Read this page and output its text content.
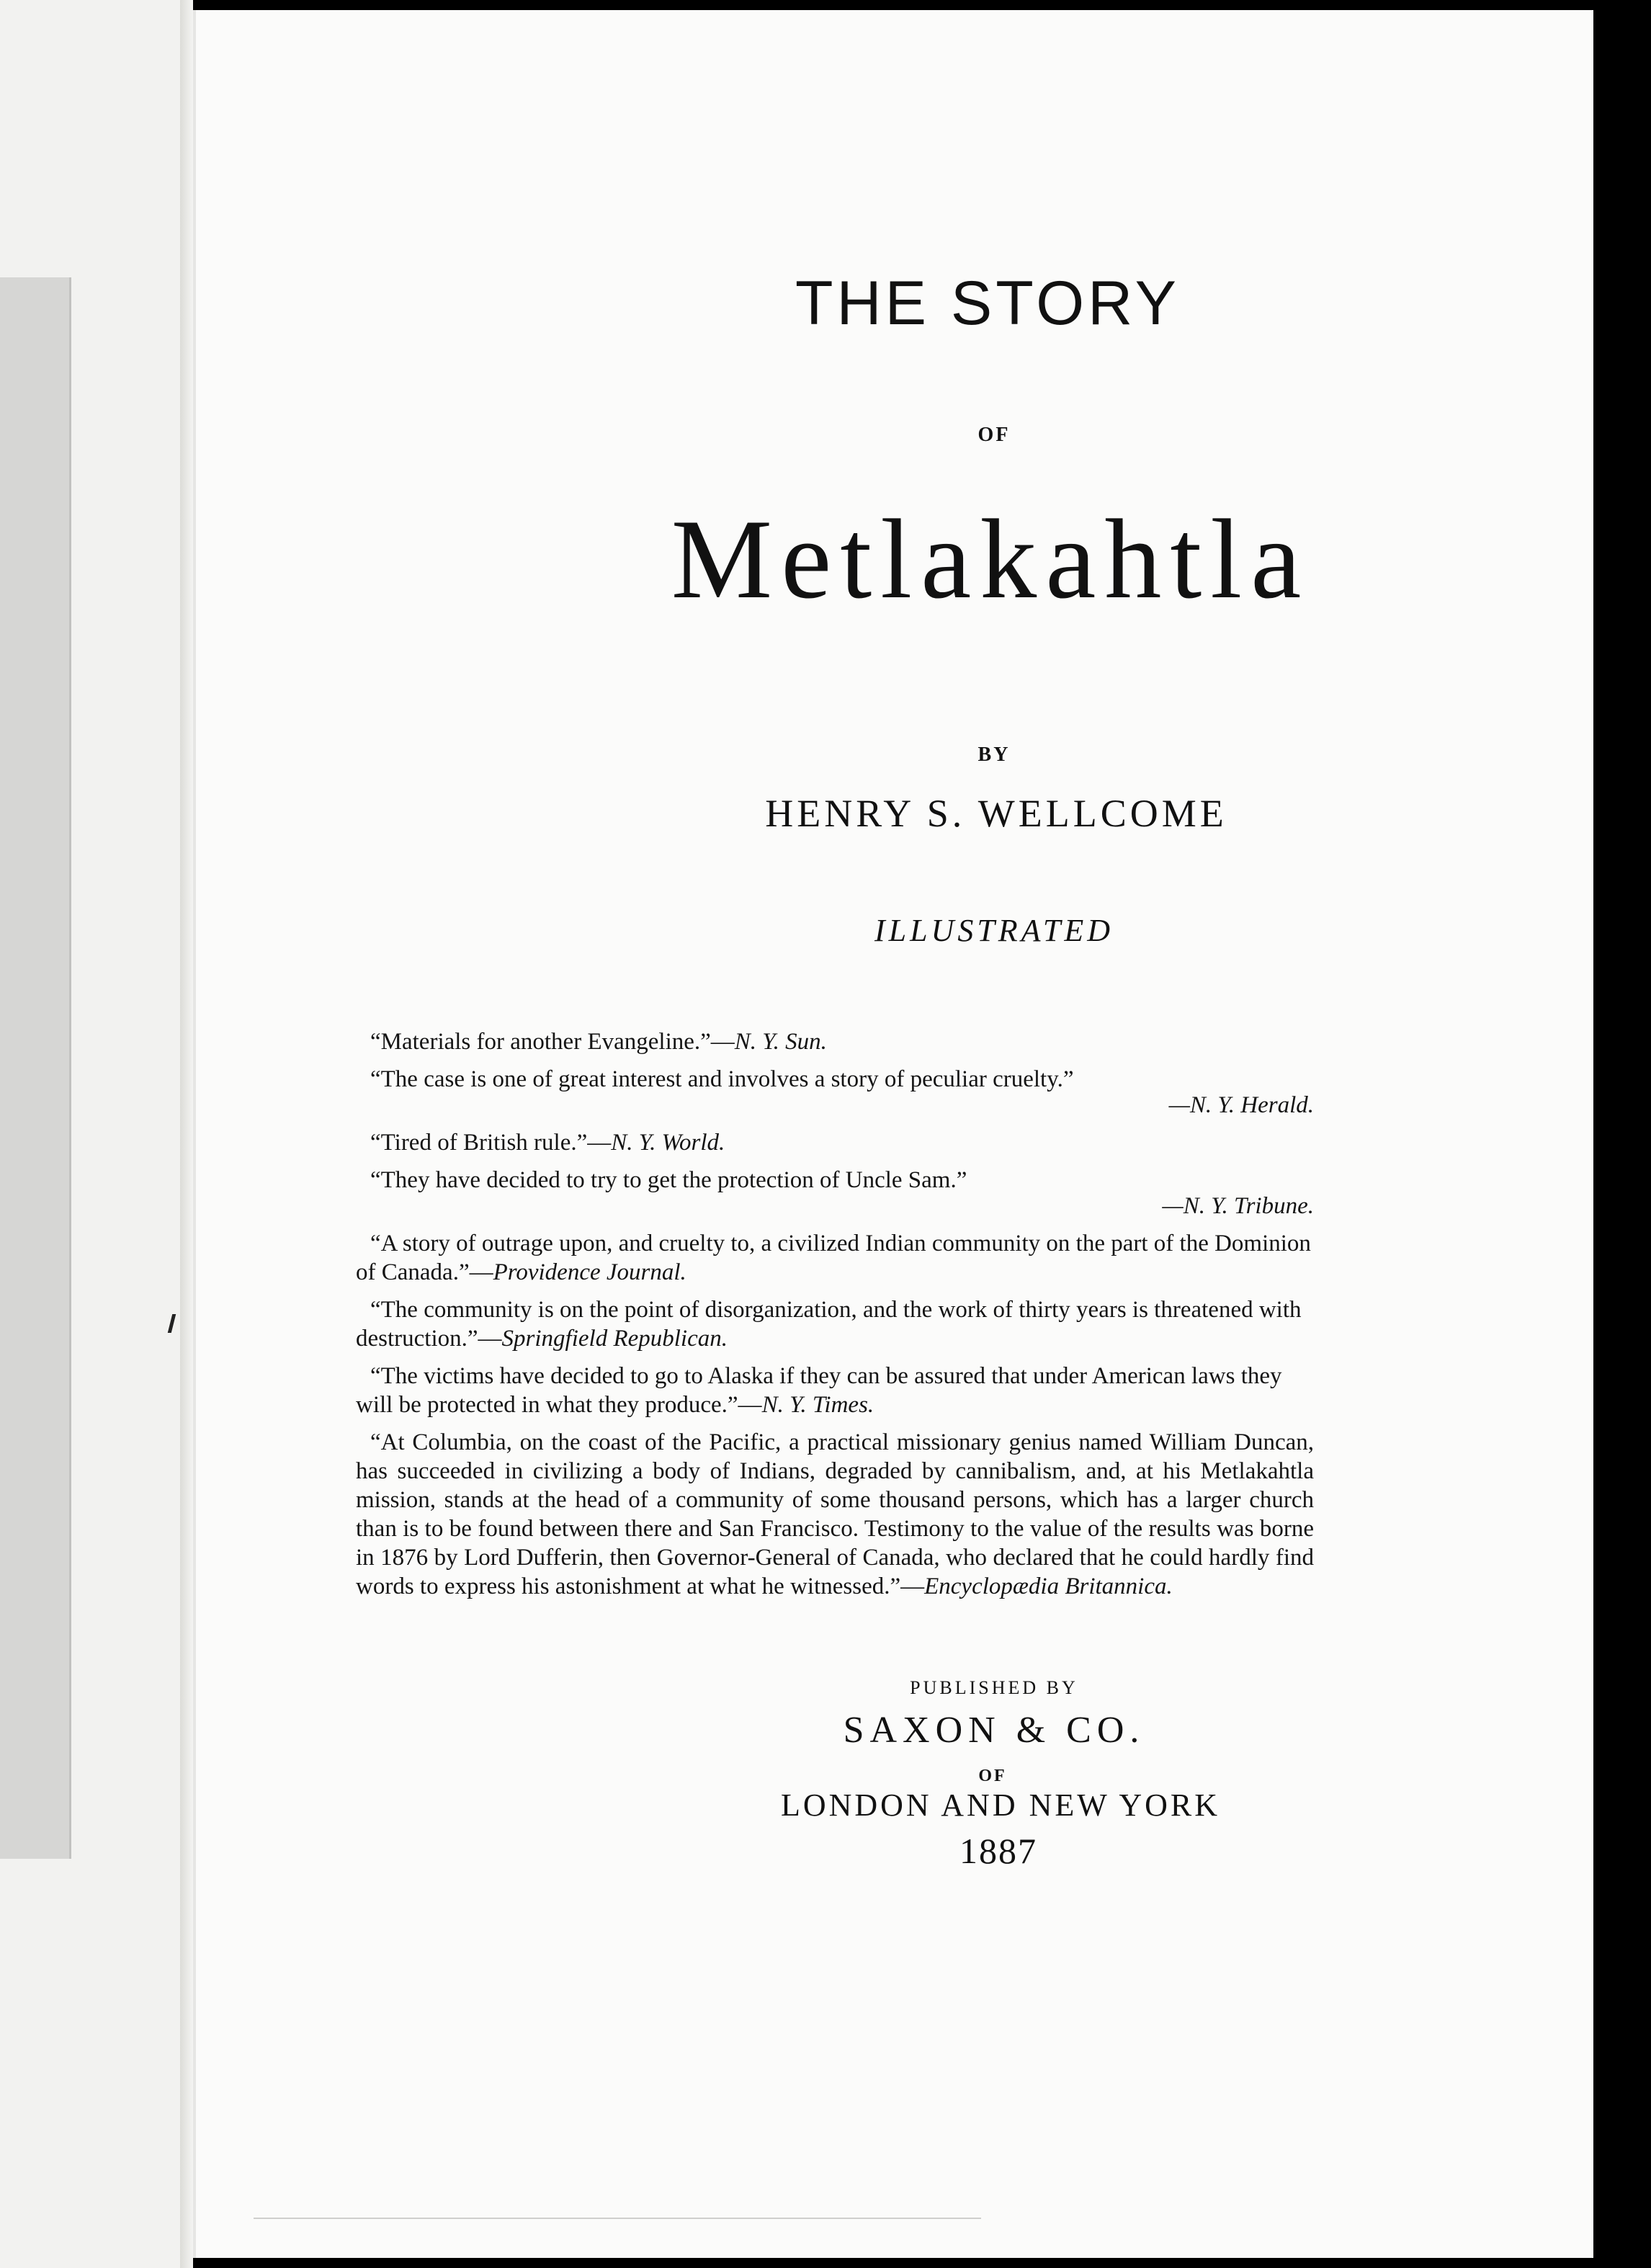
THE STORY
OF
Metlakahtla
BY
HENRY S. WELLCOME
ILLUSTRATED

“Materials for another Evangeline.”—N. Y. Sun.

“The case is one of great interest and involves a story of peculiar cruelty.”
—N. Y. Herald.

“Tired of British rule.”—N. Y. World.

“They have decided to try to get the protection of Uncle Sam.”
—N. Y. Tribune.

“A story of outrage upon, and cruelty to, a civilized Indian community on the part of the Dominion of Canada.”—Providence Journal.

“The community is on the point of disorganization, and the work of thirty years is threatened with destruction.”—Springfield Republican.

“The victims have decided to go to Alaska if they can be assured that under American laws they will be protected in what they produce.”—N. Y. Times.

“At Columbia, on the coast of the Pacific, a practical missionary genius named William Duncan, has succeeded in civilizing a body of Indians, degraded by cannibalism, and, at his Metlakahtla mission, stands at the head of a community of some thousand persons, which has a larger church than is to be found between there and San Francisco. Testimony to the value of the results was borne in 1876 by Lord Dufferin, then Governor-General of Canada, who declared that he could hardly find words to express his astonishment at what he witnessed.”—Encyclopædia Britannica.

PUBLISHED BY
SAXON & CO.
OF
LONDON AND NEW YORK
1887
